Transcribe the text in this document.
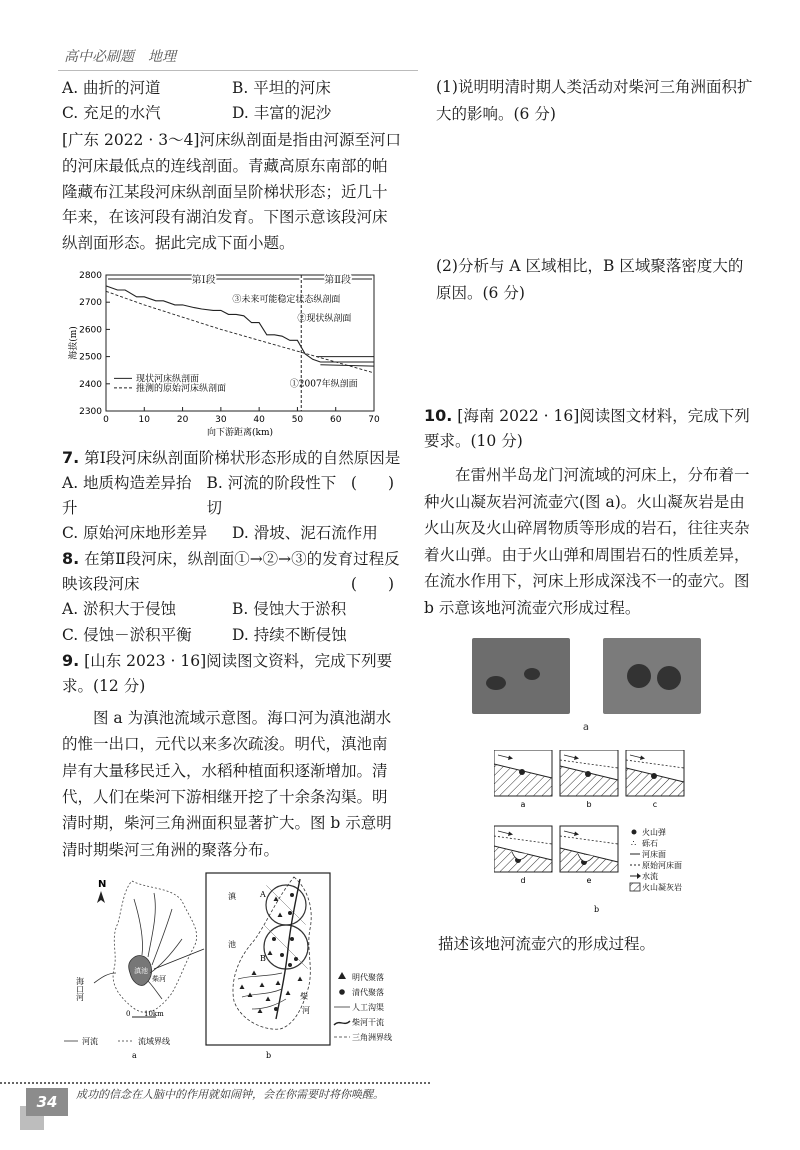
高中必刷题　地理
A. 曲折的河道	B. 平坦的河床
C. 充足的水汽	D. 丰富的泥沙
[广东 2022 · 3～4]河床纵剖面是指由河源至河口的河床最低点的连线剖面。青藏高原东南部的帕隆藏布江某段河床纵剖面呈阶梯状形态；近几十年来，在该河段有湖泊发育。下图示意该段河床纵剖面形态。据此完成下面小题。
2300
2400
2500
2600
2700
2800
0	10	20	30	40	50	60	70
向下游距离(km)
海拔(m)
第Ⅰ段	第Ⅱ段
③未来可能稳定状态纵剖面
②现状纵剖面
①2007年纵剖面
现状河床纵剖面
推测的原始河床纵剖面
7. 第Ⅰ段河床纵剖面阶梯状形态形成的自然原因是
(　　)
A. 地质构造差异抬升
B. 河流的阶段性下切
C. 原始河床地形差异	D. 滑坡、泥石流作用
8. 在第Ⅱ段河床，纵剖面①→②→③的发育过程反映该段河床	(　　)
A. 淤积大于侵蚀	B. 侵蚀大于淤积
C. 侵蚀－淤积平衡	D. 持续不断侵蚀
9. [山东 2023 · 16]阅读图文资料，完成下列要求。(12 分)
图 a 为滇池流域示意图。海口河为滇池湖水的惟一出口，元代以来多次疏浚。明代，滇池南岸有大量移民迁入，水稻种植面积逐渐增加。清代，人们在柴河下游相继开挖了十余条沟渠。明清时期，柴河三角洲面积显著扩大。图 b 示意明清时期柴河三角洲的聚落分布。
N
海口河
滇池
柴河
0 10km
河流	流域界线
a
A
B
滇
池
柴
河
b
明代聚落
清代聚落
人工沟渠
柴河干流
三角洲界线
(1)说明明清时期人类活动对柴河三角洲面积扩大的影响。(6 分)
(2)分析与 A 区域相比，B 区域聚落密度大的原因。(6 分)
10. [海南 2022 · 16]阅读图文材料，完成下列要求。(10 分)
在雷州半岛龙门河流域的河床上，分布着一种火山凝灰岩河流壶穴(图 a)。火山凝灰岩是由火山灰及火山碎屑物质等形成的岩石，往往夹杂着火山弹。由于火山弹和周围岩石的性质差异，在流水作用下，河床上形成深浅不一的壶穴。图 b 示意该地河流壶穴形成过程。

a
a	b	c
d	e
火山弹
∴ 砾石
河床面
原始河床面
水流
火山凝灰岩
b
描述该地河流壶穴的形成过程。
34	成功的信念在人脑中的作用就如闹钟，会在你需要时将你唤醒。
